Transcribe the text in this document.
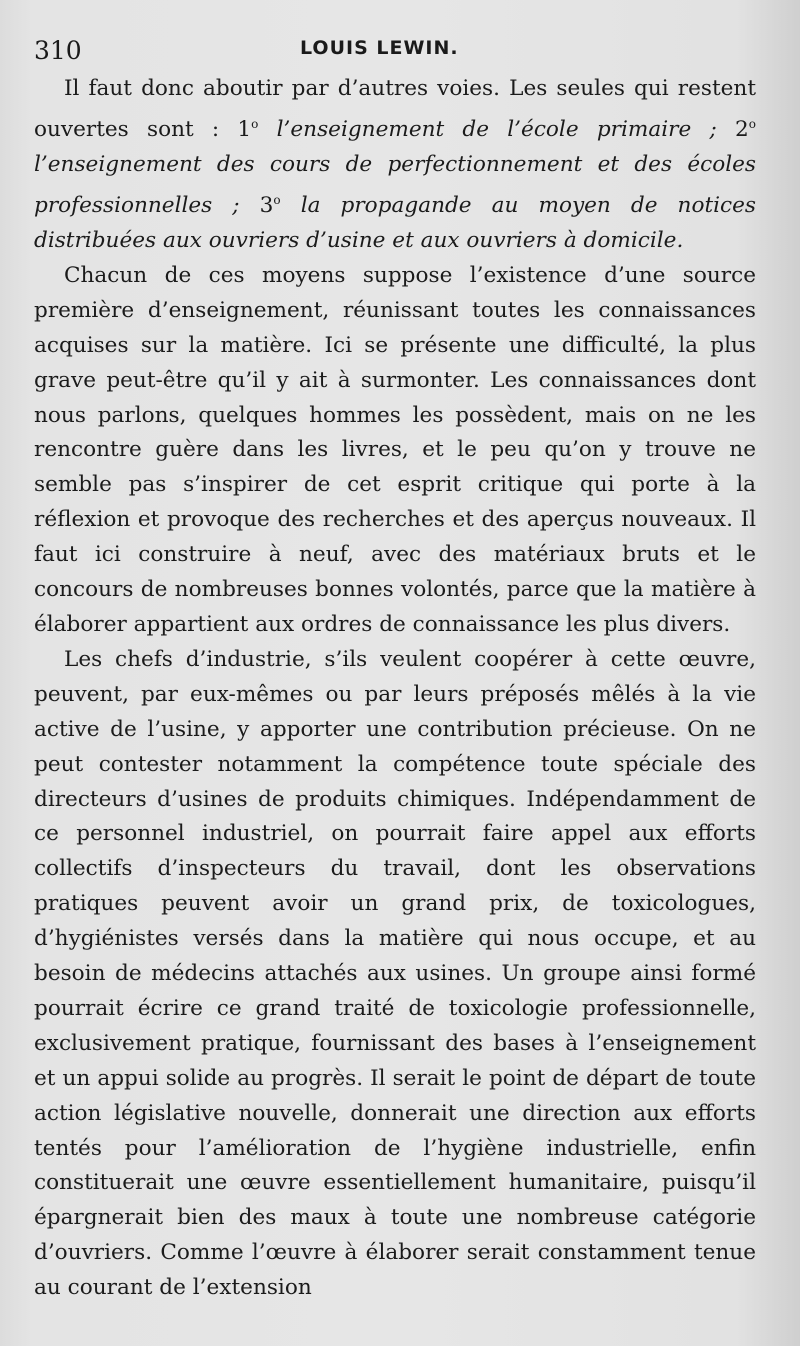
310	LOUIS LEWIN.

Il faut donc aboutir par d’autres voies. Les seules qui restent ouvertes sont : 1$^o$ l’enseignement de l’école primaire ; 2$^o$ l’enseignement des cours de perfectionnement et des écoles professionnelles ; 3$^o$ la propagande au moyen de notices distribuées aux ouvriers d’usine et aux ouvriers à domicile.

Chacun de ces moyens suppose l’existence d’une source première d’enseignement, réunissant toutes les connaissances acquises sur la matière. Ici se présente une difficulté, la plus grave peut-être qu’il y ait à surmonter. Les connaissances dont nous parlons, quelques hommes les possèdent, mais on ne les rencontre guère dans les livres, et le peu qu’on y trouve ne semble pas s’inspirer de cet esprit critique qui porte à la réflexion et provoque des recherches et des aperçus nouveaux. Il faut ici construire à neuf, avec des matériaux bruts et le concours de nombreuses bonnes volontés, parce que la matière à élaborer appartient aux ordres de connaissance les plus divers.

Les chefs d’industrie, s’ils veulent coopérer à cette œuvre, peuvent, par eux-mêmes ou par leurs préposés mêlés à la vie active de l’usine, y apporter une contribution précieuse. On ne peut contester notamment la compétence toute spéciale des directeurs d’usines de produits chimiques. Indépendamment de ce personnel industriel, on pourrait faire appel aux efforts collectifs d’inspecteurs du travail, dont les observations pratiques peuvent avoir un grand prix, de toxicologues, d’hygiénistes versés dans la matière qui nous occupe, et au besoin de médecins attachés aux usines. Un groupe ainsi formé pourrait écrire ce grand traité de toxicologie professionnelle, exclusivement pratique, fournissant des bases à l’enseignement et un appui solide au progrès. Il serait le point de départ de toute action législative nouvelle, donnerait une direction aux efforts tentés pour l’amélioration de l’hygiène industrielle, enfin constituerait une œuvre essentiellement humanitaire, puisqu’il épargnerait bien des maux à toute une nombreuse catégorie d’ouvriers. Comme l’œuvre à élaborer serait constamment tenue au courant de l’extension
